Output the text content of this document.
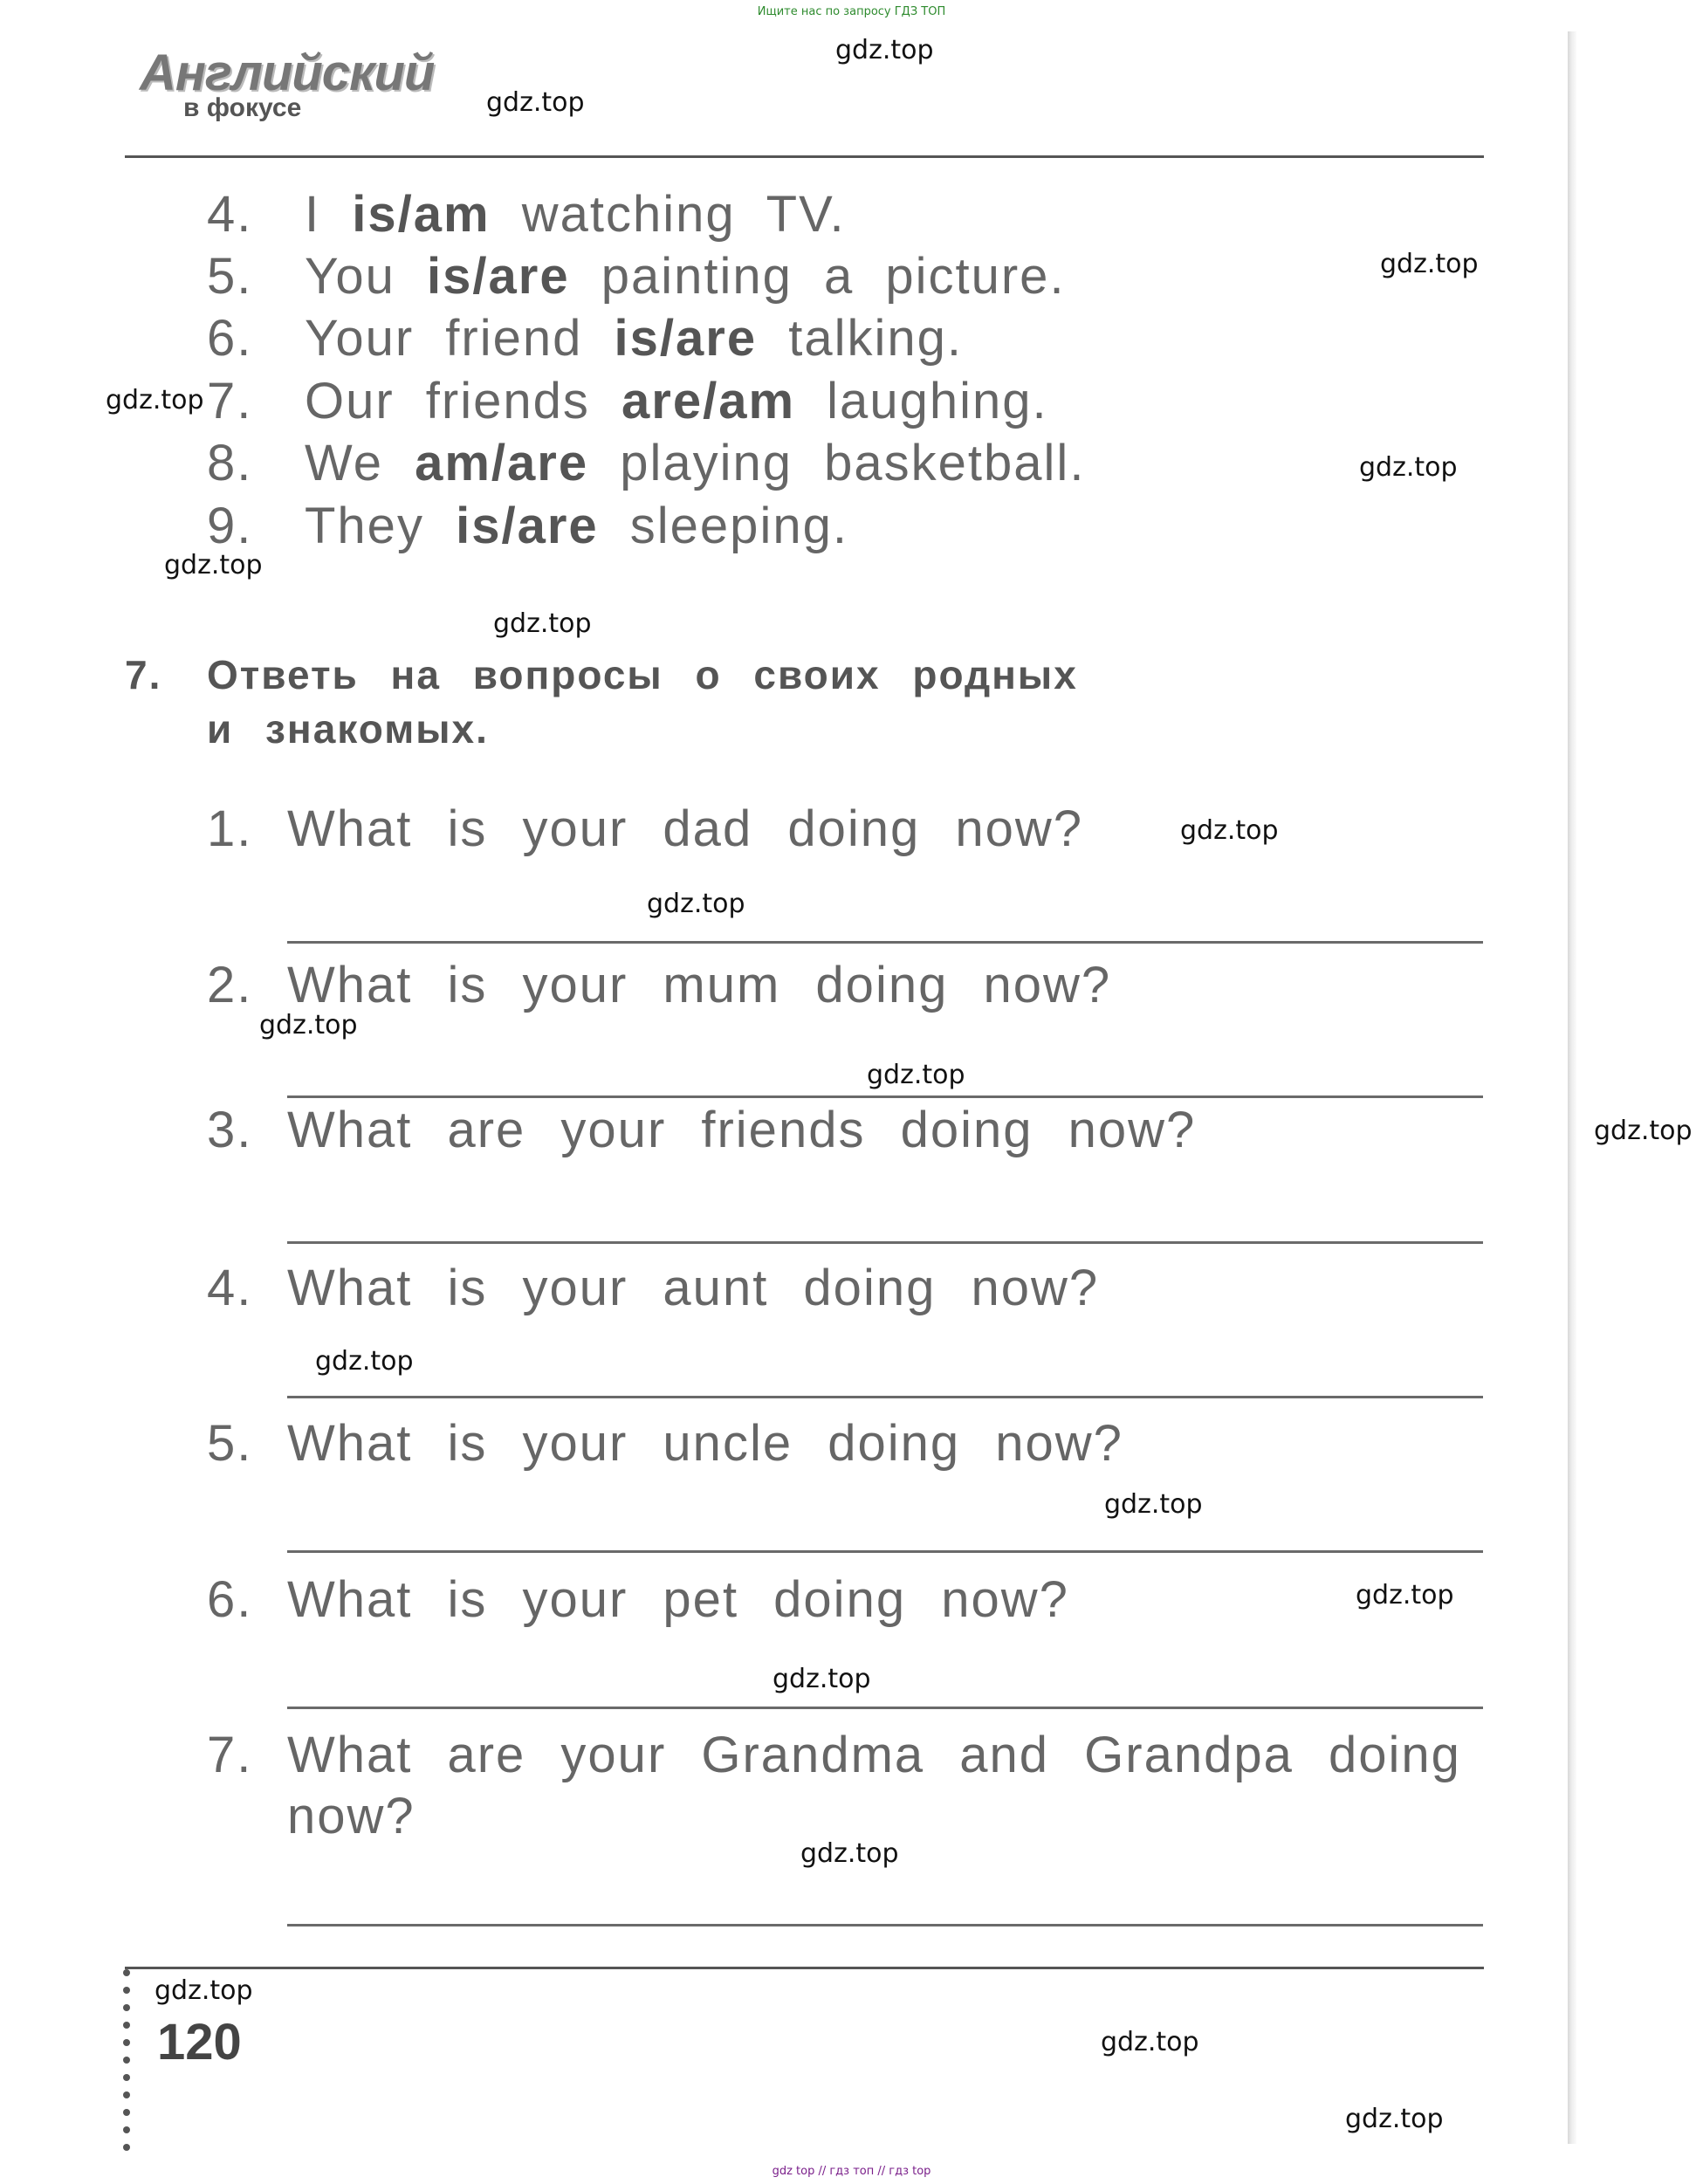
Ищите нас по запросу ГДЗ ТОП
Английский
в фокусе
4. I is/am watching TV.
5. You is/are painting a picture.
6. Your friend is/are talking.
7. Our friends are/am laughing.
8. We am/are playing basketball.
9. They is/are sleeping.
7. Ответь на вопросы о своих родных
и знакомых.
1. What is your dad doing now?
2. What is your mum doing now?
3. What are your friends doing now?
4. What is your aunt doing now?
5. What is your uncle doing now?
6. What is your pet doing now?
7. What are your Grandma and Grandpa doing
now?
120
gdz.top
gdz.top
gdz.top
gdz.top
gdz.top
gdz.top
gdz.top
gdz.top
gdz.top
gdz.top
gdz.top
gdz.top
gdz.top
gdz.top
gdz.top
gdz.top
gdz.top
gdz.top
gdz.top
gdz.top
gdz top // гдз топ // гдз top
